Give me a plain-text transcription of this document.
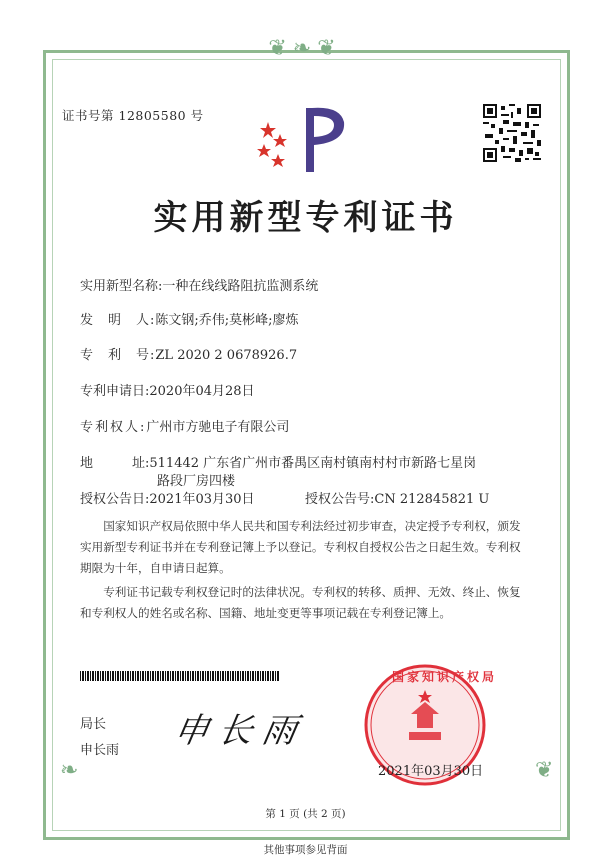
❦❧❦
❧	❦
证书号第 12805580 号
实用新型专利证书
实用新型名称:一种在线线路阻抗监测系统
发　明　人:陈文钢;乔伟;莫彬峰;廖炼
专　利　号:ZL 2020 2 0678926.7
专利申请日:2020年04月28日
专利权人:广州市方驰电子有限公司
地　　　址:511442 广东省广州市番禺区南村镇南村村市新路七星岗
路段厂房四楼
授权公告日:2021年03月30日	授权公告号:CN 212845821 U
国家知识产权局依照中华人民共和国专利法经过初步审查，决定授予专利权，颁发实用新型专利证书并在专利登记簿上予以登记。专利权自授权公告之日起生效。专利权期限为十年，自申请日起算。
专利证书记载专利权登记时的法律状况。专利权的转移、质押、无效、终止、恢复和专利权人的姓名或名称、国籍、地址变更等事项记载在专利登记簿上。
局长
申长雨 申长雨
国家知识产权局
2021年03月30日
第 1 页 (共 2 页)
其他事项参见背面
